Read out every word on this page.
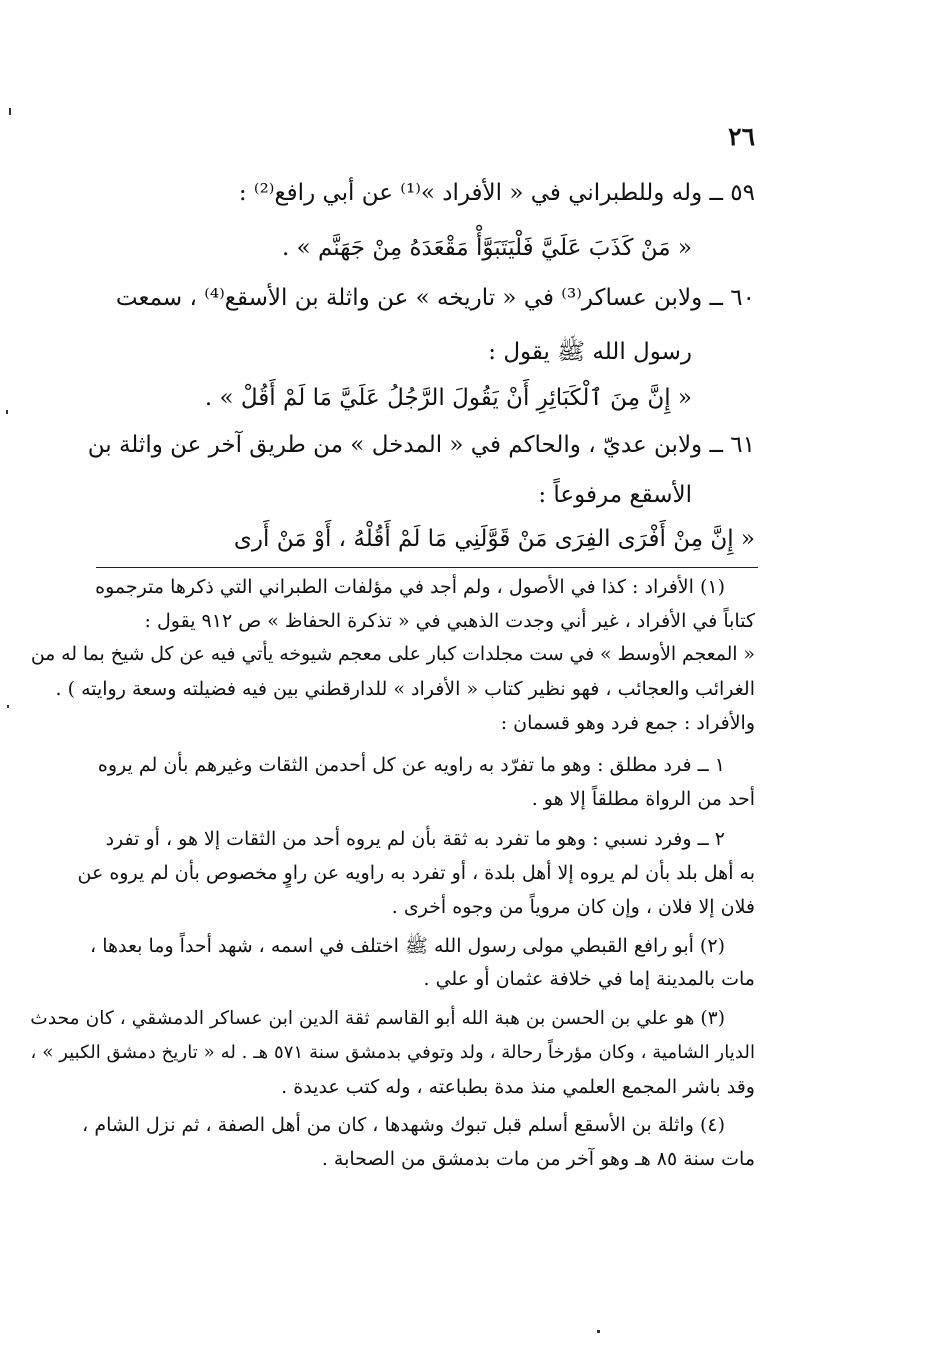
٢٦
٥٩ ــ وله وللطبراني في « الأفراد »⁽¹⁾ عن أبي رافع⁽²⁾ :
« مَنْ كَذَبَ عَلَيَّ فَلْيَتَبَوَّأْ مَقْعَدَهُ مِنْ جَهَنَّم » .
٦٠ ــ ولابن عساكر⁽³⁾ في « تاريخه » عن واثلة بن الأسقع⁽⁴⁾ ، سمعت
رسول الله ﷺ يقول :
« إِنَّ مِنَ ٱلْكَبَائِرِ أَنْ يَقُولَ الرَّجُلُ عَلَيَّ مَا لَمْ أَقُلْ » .
٦١ ــ ولابن عديّ ، والحاكم في « المدخل » من طريق آخر عن واثلة بن
الأسقع مرفوعاً :
« إِنَّ مِنْ أَفْرَى الفِرَى مَنْ قَوَّلَنِي مَا لَمْ أَقُلْهُ ، أَوْ مَنْ أَرى
(١) الأفراد : كذا في الأصول ، ولم أجد في مؤلفات الطبراني التي ذكرها مترجموه
كتاباً في الأفراد ، غير أني وجدت الذهبي في « تذكرة الحفاظ » ص ٩١٢ يقول :
« المعجم الأوسط » في ست مجلدات كبار على معجم شيوخه يأتي فيه عن كل شيخ بما له من
الغرائب والعجائب ، فهو نظير كتاب « الأفراد » للدارقطني بين فيه فضيلته وسعة روايته ) .
والأفراد : جمع فرد وهو قسمان :
١ ــ فرد مطلق : وهو ما تفرّد به راويه عن كل أحدمن الثقات وغيرهم بأن لم يروه
أحد من الرواة مطلقاً إلا هو .
٢ ــ وفرد نسبي : وهو ما تفرد به ثقة بأن لم يروه أحد من الثقات إلا هو ، أو تفرد
به أهل بلد بأن لم يروه إلا أهل بلدة ، أو تفرد به راويه عن راوٍ مخصوص بأن لم يروه عن
فلان إلا فلان ، وإن كان مروياً من وجوه أخرى .
(٢) أبو رافع القبطي مولى رسول الله ﷺ اختلف في اسمه ، شهد أحداً وما بعدها ،
مات بالمدينة إما في خلافة عثمان أو علي .
(٣) هو علي بن الحسن بن هبة الله أبو القاسم ثقة الدين ابن عساكر الدمشقي ، كان محدث
الديار الشامية ، وكان مؤرخاً رحالة ، ولد وتوفي بدمشق سنة ٥٧١ هـ . له « تاريخ دمشق الكبير » ،
وقد باشر المجمع العلمي منذ مدة بطباعته ، وله كتب عديدة .
(٤) واثلة بن الأسقع أسلم قبل تبوك وشهدها ، كان من أهل الصفة ، ثم نزل الشام ،
مات سنة ٨٥ هـ وهو آخر من مات بدمشق من الصحابة .
